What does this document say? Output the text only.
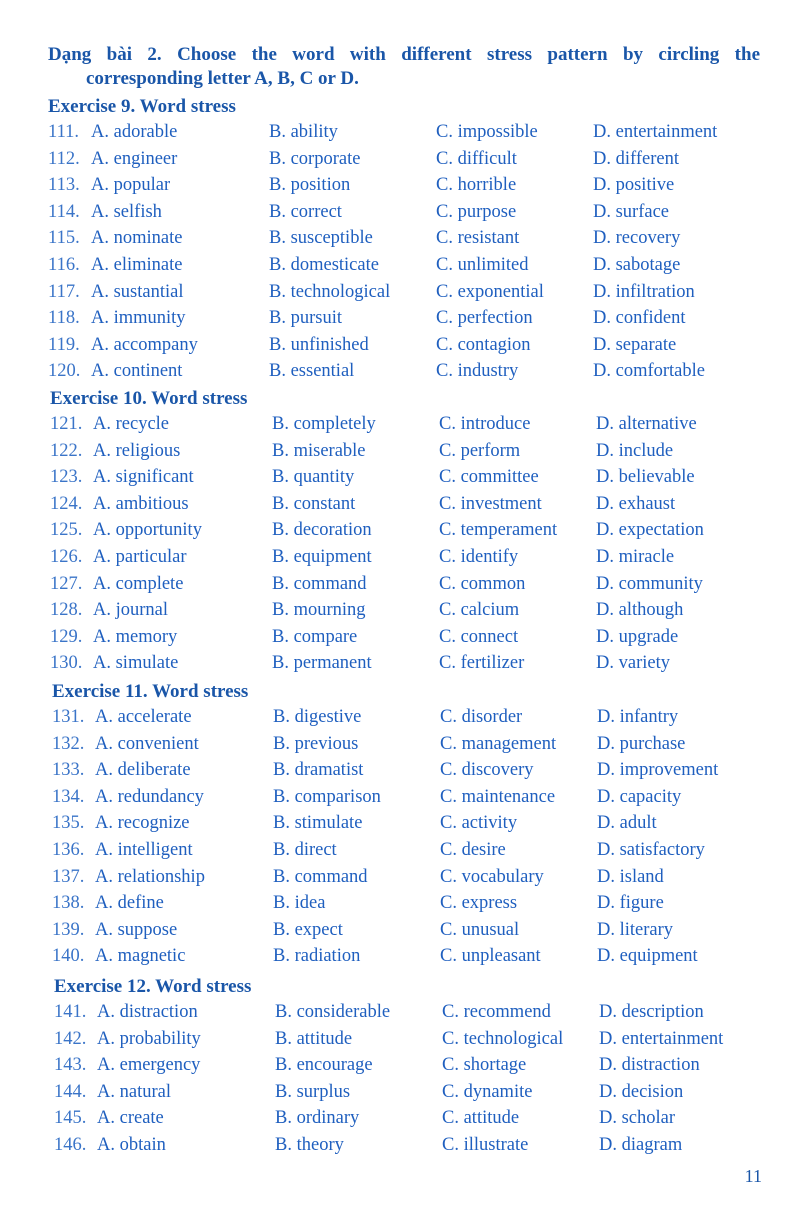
Dạng bài 2. Choose the word with different stress pattern by circling the
corresponding letter A, B, C or D.
Exercise 9. Word stress
111. A. adorable	B. ability	C. impossible	D. entertainment
112. A. engineer	B. corporate	C. difficult	D. different
113. A. popular	B. position	C. horrible	D. positive
114. A. selfish	B. correct	C. purpose	D. surface
115. A. nominate	B. susceptible	C. resistant	D. recovery
116. A. eliminate	B. domesticate	C. unlimited	D. sabotage
117. A. sustantial	B. technological C. exponential	D. infiltration
118. A. immunity	B. pursuit	C. perfection	D. confident
119. A. accompany	B. unfinished	C. contagion	D. separate
120. A. continent	B. essential	C. industry	D. comfortable
Exercise 10. Word stress
121. A. recycle	B. completely	C. introduce	D. alternative
122. A. religious	B. miserable	C. perform	D. include
123. A. significant	B. quantity	C. committee	D. believable
124. A. ambitious	B. constant	C. investment	D. exhaust
125. A. opportunity	B. decoration	C. temperament D. expectation
126. A. particular	B. equipment	C. identify	D. miracle
127. A. complete	B. command	C. common	D. community
128. A. journal	B. mourning	C. calcium	D. although
129. A. memory	B. compare	C. connect	D. upgrade
130. A. simulate	B. permanent	C. fertilizer	D. variety
Exercise 11. Word stress
131. A. accelerate	B. digestive	C. disorder	D. infantry
132. A. convenient	B. previous	C. management D. purchase
133. A. deliberate	B. dramatist	C. discovery	D. improvement
134. A. redundancy	B. comparison	C. maintenance D. capacity
135. A. recognize	B. stimulate	C. activity	D. adult
136. A. intelligent	B. direct	C. desire	D. satisfactory
137. A. relationship	B. command	C. vocabulary	D. island
138. A. define	B. idea	C. express	D. figure
139. A. suppose	B. expect	C. unusual	D. literary
140. A. magnetic	B. radiation	C. unpleasant	D. equipment
Exercise 12. Word stress
141. A. distraction	B. considerable	C. recommend	D. description
142. A. probability	B. attitude	C. technological D. entertainment
143. A. emergency	B. encourage	C. shortage	D. distraction
144. A. natural	B. surplus	C. dynamite	D. decision
145. A. create	B. ordinary	C. attitude	D. scholar
146. A. obtain	B. theory	C. illustrate	D. diagram
11
